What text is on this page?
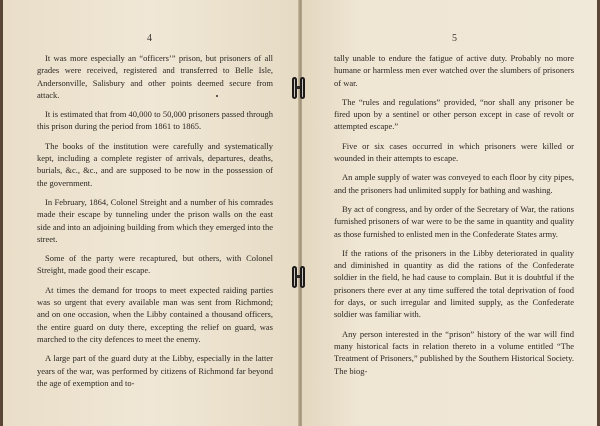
4

It was more especially an “officers’” prison, but prisoners of all grades were received, registered and transferred to Belle Isle, Andersonville, Salisbury and other points deemed secure from attack.

It is estimated that from 40,000 to 50,000 prisoners passed through this prison during the period from 1861 to 1865.

The books of the institution were carefully and systematically kept, including a complete register of arrivals, departures, deaths, burials, &c., &c., and are supposed to be now in the possession of the government.

In February, 1864, Colonel Streight and a number of his comrades made their escape by tunneling under the prison walls on the east side and into an adjoining building from which they emerged into the street.

Some of the party were recaptured, but others, with Colonel Streight, made good their escape.

At times the demand for troops to meet expected raiding parties was so urgent that every available man was sent from Richmond; and on one occasion, when the Libby contained a thousand officers, the entire guard on duty there, excepting the relief on guard, was marched to the city defences to meet the enemy.

A large part of the guard duty at the Libby, especially in the latter years of the war, was performed by citizens of Richmond far beyond the age of exemption and to-

5

tally unable to endure the fatigue of active duty. Probably no more humane or harmless men ever watched over the slumbers of prisoners of war.

The “rules and regulations” provided, “nor shall any prisoner be fired upon by a sentinel or other person except in case of revolt or attempted escape.”

Five or six cases occurred in which prisoners were killed or wounded in their attempts to escape.

An ample supply of water was conveyed to each floor by city pipes, and the prisoners had unlimited supply for bathing and washing.

By act of congress, and by order of the Secretary of War, the rations furnished prisoners of war were to be the same in quantity and quality as those furnished to enlisted men in the Confederate States army.

If the rations of the prisoners in the Libby deteriorated in quality and diminished in quantity as did the rations of the Confederate soldier in the field, he had cause to complain. But it is doubtful if the prisoners there ever at any time suffered the total deprivation of food for days, or such irregular and limited supply, as the Confederate soldier was familiar with.

Any person interested in the “prison” history of the war will find many historical facts in relation thereto in a volume entitled “The Treatment of Prisoners,” published by the Southern Historical Society. The biog-
